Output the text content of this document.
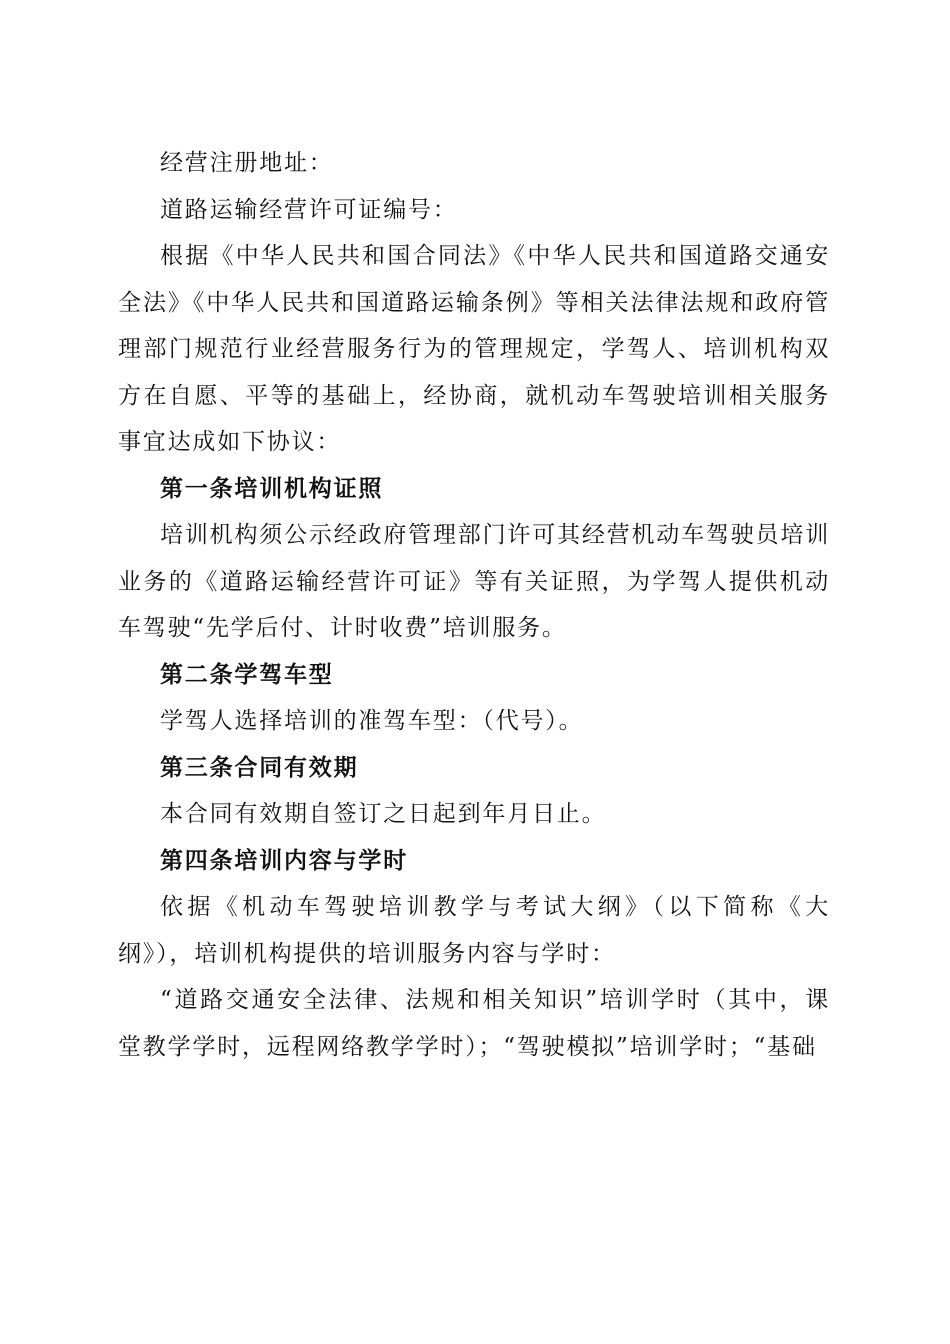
经营注册地址：

道路运输经营许可证编号：

根据《中华人民共和国合同法》《中华人民共和国道路交通安全法》《中华人民共和国道路运输条例》等相关法律法规和政府管理部门规范行业经营服务行为的管理规定，学驾人、培训机构双方在自愿、平等的基础上，经协商，就机动车驾驶培训相关服务事宜达成如下协议：

第一条培训机构证照

培训机构须公示经政府管理部门许可其经营机动车驾驶员培训业务的《道路运输经营许可证》等有关证照，为学驾人提供机动车驾驶“先学后付、计时收费”培训服务。

第二条学驾车型

学驾人选择培训的准驾车型：（代号）。

第三条合同有效期

本合同有效期自签订之日起到年月日止。

第四条培训内容与学时

依据《机动车驾驶培训教学与考试大纲》（以下简称《大纲》），培训机构提供的培训服务内容与学时：

“道路交通安全法律、法规和相关知识”培训学时（其中，课堂教学学时，远程网络教学学时）；“驾驶模拟”培训学时；“基础
